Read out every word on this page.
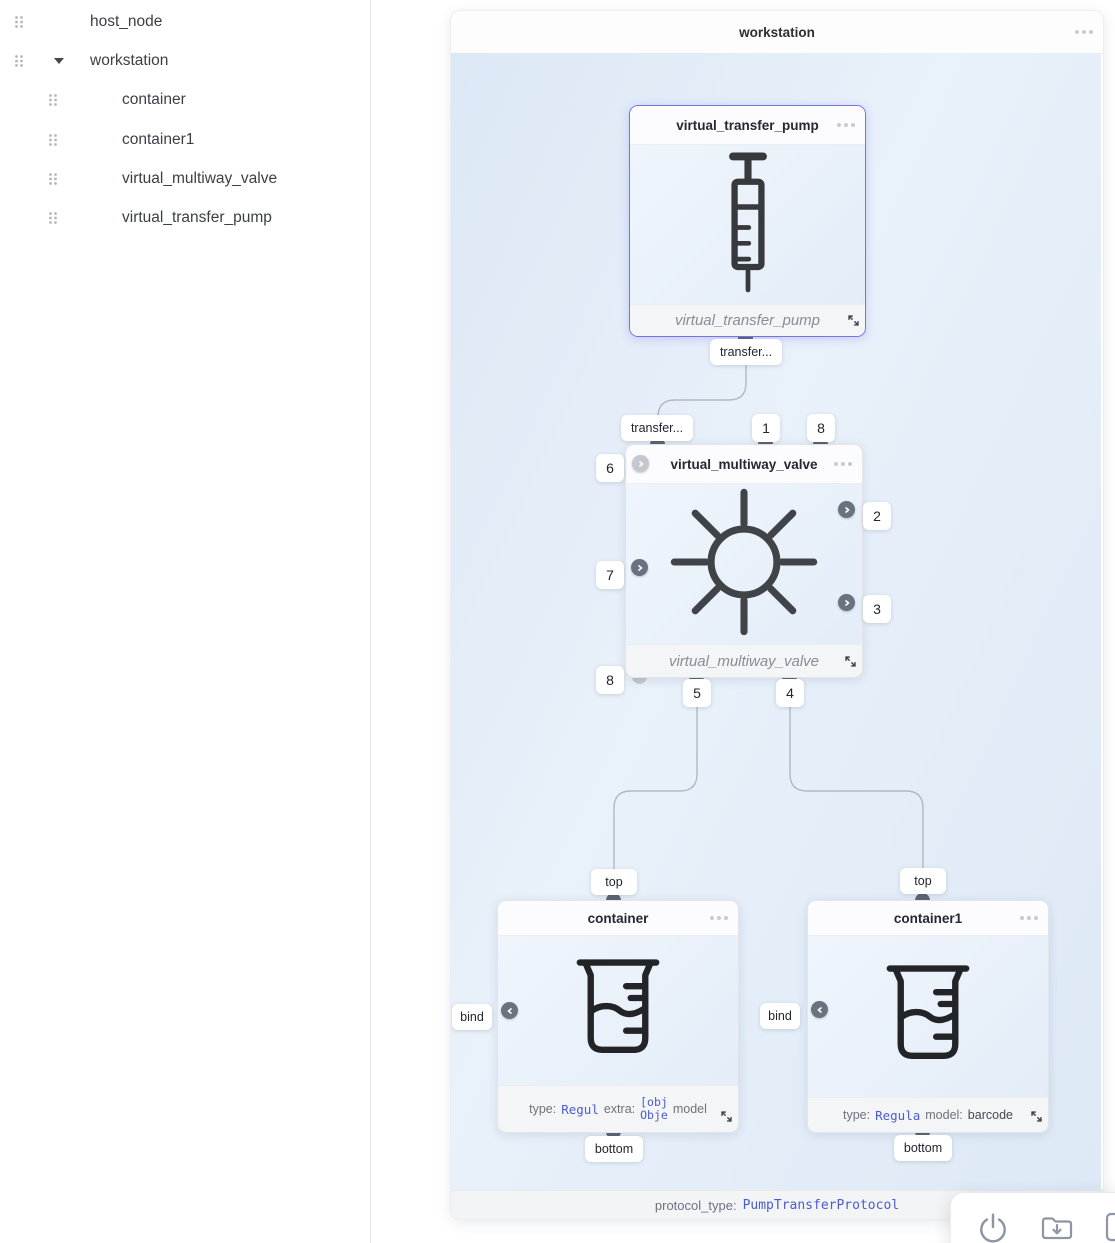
host_node
workstation
container
container1
virtual_multiway_valve
virtual_transfer_pump
workstation
virtual_transfer_pump
virtual_transfer_pump
transfer...
virtual_multiway_valve
virtual_multiway_valve
transfer...	1	8
6
7
8
2
3
5	4
container
type: Regul extra: [obj
Obje model
top
bind
bottom
container1
type: Regula model: barcode
top
bind
bottom
protocol_type: PumpTransferProtocol
